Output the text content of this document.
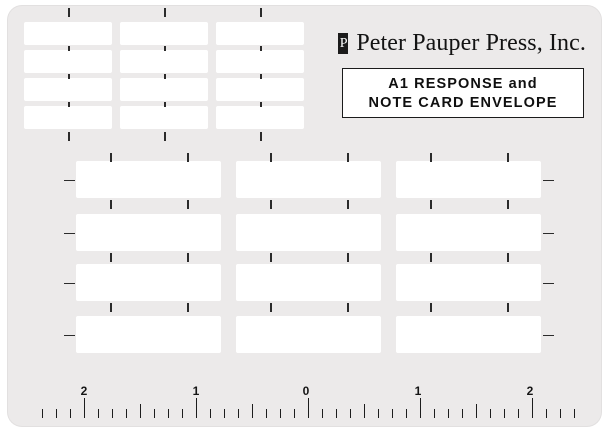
P Peter Pauper Press, Inc.
A1 RESPONSE and
NOTE CARD ENVELOPE
2	1	0	1	2
